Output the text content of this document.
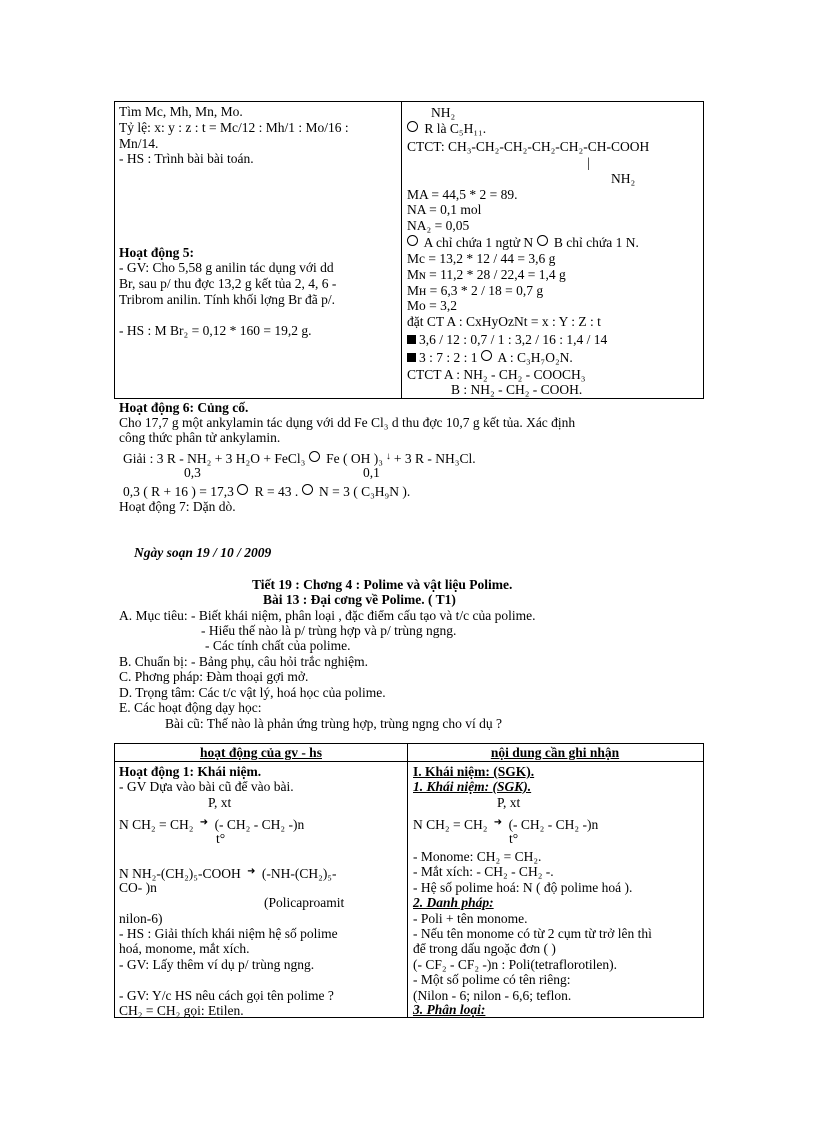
Tìm Mc, Mh, Mn, Mo.
Tỷ lệ: x: y : z : t = Mc/12 : Mh/1 : Mo/16 :
Mn/14.
- HS : Trình bài bài toán.
Hoạt động 5:
- GV: Cho 5,58 g anilin tác dụng với dd
Br, sau p/ thu đợc 13,2 g kết tủa 2, 4, 6 -
Tribrom anilin. Tính khối lợng Br đã p/.
- HS : M Br₂ = 0,12 * 160 = 19,2 g.
NH₂
R là C₅H₁₁.
CTCT: CH₃-CH₂-CH₂-CH₂-CH₂-CH-COOH
|
NH₂
MA = 44,5 * 2 = 89.
NA = 0,1 mol
NA₂ = 0,05
A chỉ chứa 1 ngtử N B chỉ chứa 1 N.
Mc = 13,2 * 12 / 44 = 3,6 g
Mɴ = 11,2 * 28 / 22,4 = 1,4 g
Mʜ = 6,3 * 2 / 18 = 0,7 g
Mo = 3,2
đặt CT A : CxHyOzNt = x : Y : Z : t
3,6 / 12 : 0,7 / 1 : 3,2 / 16 : 1,4 / 14
3 : 7 : 2 : 1 A : C₃H₇O₂N.
CTCT A : NH₂ - CH₂ - COOCH₃
B : NH₂ - CH₂ - COOH.
Hoạt động 6: Củng cố.
Cho 17,7 g một ankylamin tác dụng với dd Fe Cl₃ d thu đợc 10,7 g kết tủa. Xác định
công thức phân tử ankylamin.
Giải : 3 R - NH₂ + 3 H₂O + FeCl₃ Fe ( OH )₃ ↓ + 3 R - NH₃Cl.
0,3	0,1
0,3 ( R + 16 ) = 17,3 R = 43 . N = 3 ( C₃H₉N ).
Hoạt động 7: Dặn dò.
Ngày soạn 19 / 10 / 2009
Tiết 19 : Chơng 4 : Polime và vật liệu Polime.
Bài 13 : Đại cơng về Polime. ( T1)
A. Mục tiêu: - Biết khái niệm, phân loại , đặc điểm cấu tạo và t/c của polime.
- Hiểu thế nào là p/ trùng hợp và p/ trùng ngng.
- Các tính chất của polime.
B. Chuẩn bị: - Bảng phụ, câu hỏi trắc nghiệm.
C. Phơng pháp: Đàm thoại gợi mở.
D. Trọng tâm: Các t/c vật lý, hoá học của polime.
E. Các hoạt động dạy học:
Bài cũ: Thế nào là phản ứng trùng hợp, trùng ngng cho ví dụ ?
hoạt động của gv - hs	nội dung cần ghi nhận
Hoạt động 1: Khái niệm.
- GV Dựa vào bài cũ để vào bài.
P, xt
N CH₂ = CH₂ ➜ (- CH₂ - CH₂ -)n
t°
N NH₂-(CH₂)₅-COOH ➜ (-NH-(CH₂)₅-
CO- )n
(Policaproamit
nilon-6)
- HS : Giải thích khái niệm hệ số polime
hoá, monome, mắt xích.
- GV: Lấy thêm ví dụ p/ trùng ngng.
- GV: Y/c HS nêu cách gọi tên polime ?
CH₂ = CH₂ gọi: Etilen.
I. Khái niệm: (SGK).
1. Khái niệm: (SGK).
P, xt
N CH₂ = CH₂ ➜ (- CH₂ - CH₂ -)n
t°
- Monome: CH₂ = CH₂.
- Mắt xích: - CH₂ - CH₂ -.
- Hệ số polime hoá: N ( độ polime hoá ).
2. Danh pháp:
- Poli + tên monome.
- Nếu tên monome có từ 2 cụm từ trở lên thì
để trong dấu ngoặc đơn ( )
(- CF₂ - CF₂ -)n : Poli(tetraflorotilen).
- Một số polime có tên riêng:
(Nilon - 6; nilon - 6,6; teflon.
3. Phân loại:
